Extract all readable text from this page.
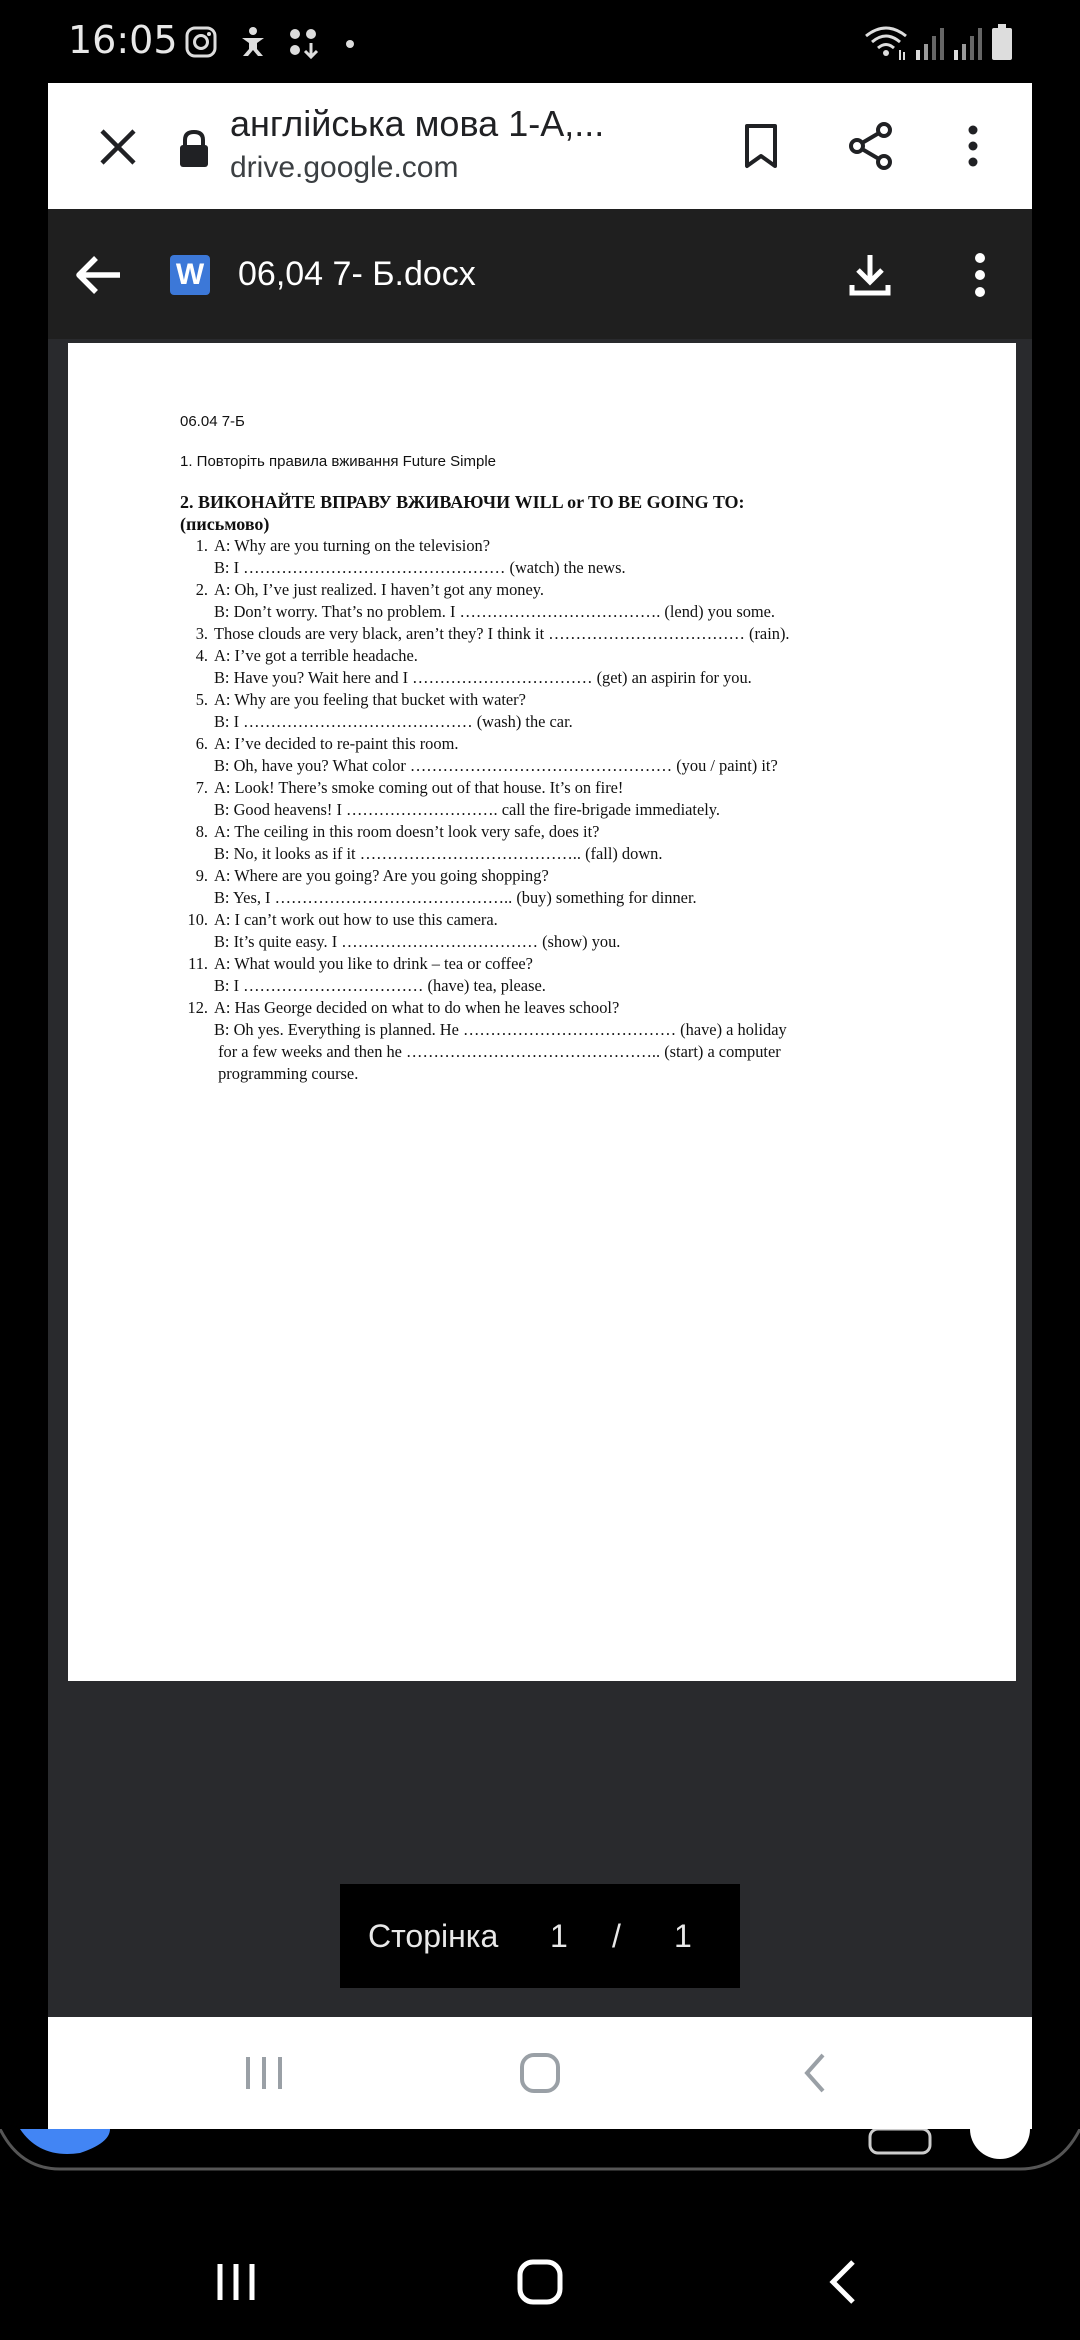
16:05
англійська мова 1-А,...
drive.google.com
W 06,04 7- Б.docx
06.04 7-Б
1. Повторіть правила вживання Future Simple
2. ВИКОНАЙТЕ ВПРАВУ ВЖИВАЮЧИ WILL or TO BE GOING TO:
(письмово)
1. A: Why are you turning on the television?
B: I ………………………………………… (watch) the news.
2. A: Oh, I’ve just realized. I haven’t got any money.
B: Don’t worry. That’s no problem. I ………………………………. (lend) you some.
3. Those clouds are very black, aren’t they? I think it ……………………………… (rain).
4. A: I’ve got a terrible headache.
B: Have you? Wait here and I …………………………… (get) an aspirin for you.
5. A: Why are you feeling that bucket with water?
B: I …………………………………… (wash) the car.
6. A: I’ve decided to re-paint this room.
B: Oh, have you? What color ………………………………………… (you / paint) it?
7. A: Look! There’s smoke coming out of that house. It’s on fire!
B: Good heavens! I ………………………. call the fire-brigade immediately.
8. A: The ceiling in this room doesn’t look very safe, does it?
B: No, it looks as if it ………………………………….. (fall) down.
9. A: Where are you going? Are you going shopping?
B: Yes, I …………………………………….. (buy) something for dinner.
10. A: I can’t work out how to use this camera.
B: It’s quite easy. I ……………………………… (show) you.
11. A: What would you like to drink – tea or coffee?
B: I …………………………… (have) tea, please.
12. A: Has George decided on what to do when he leaves school?
B: Oh yes. Everything is planned. He ………………………………… (have) a holiday
for a few weeks and then he ……………………………………….. (start) a computer
programming course.
Сторінка 1 / 1
